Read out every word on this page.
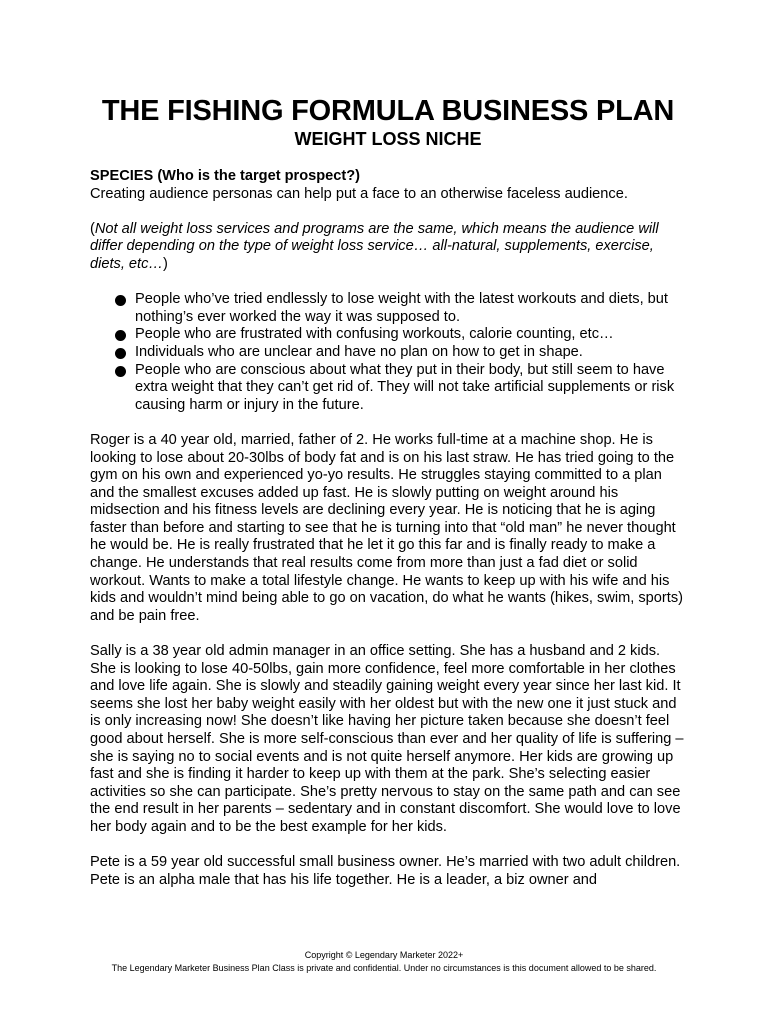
THE FISHING FORMULA BUSINESS PLAN
WEIGHT LOSS NICHE
SPECIES (Who is the target prospect?)

Creating audience personas can help put a face to an otherwise faceless audience.

(Not all weight loss services and programs are the same, which means the audience will differ depending on the type of weight loss service… all-natural, supplements, exercise, diets, etc…)

People who’ve tried endlessly to lose weight with the latest workouts and diets, but nothing’s ever worked the way it was supposed to.
People who are frustrated with confusing workouts, calorie counting, etc…
Individuals who are unclear and have no plan on how to get in shape.
People who are conscious about what they put in their body, but still seem to have extra weight that they can’t get rid of. They will not take artificial supplements or risk causing harm or injury in the future.

Roger is a 40 year old, married, father of 2. He works full-time at a machine shop. He is looking to lose about 20-30lbs of body fat and is on his last straw. He has tried going to the gym on his own and experienced yo-yo results. He struggles staying committed to a plan and the smallest excuses added up fast. He is slowly putting on weight around his midsection and his fitness levels are declining every year. He is noticing that he is aging faster than before and starting to see that he is turning into that “old man” he never thought he would be. He is really frustrated that he let it go this far and is finally ready to make a change. He understands that real results come from more than just a fad diet or solid workout. Wants to make a total lifestyle change. He wants to keep up with his wife and his kids and wouldn’t mind being able to go on vacation, do what he wants (hikes, swim, sports) and be pain free.

Sally is a 38 year old admin manager in an office setting. She has a husband and 2 kids. She is looking to lose 40-50lbs, gain more confidence, feel more comfortable in her clothes and love life again. She is slowly and steadily gaining weight every year since her last kid. It seems she lost her baby weight easily with her oldest but with the new one it just stuck and is only increasing now! She doesn’t like having her picture taken because she doesn’t feel good about herself. She is more self-conscious than ever and her quality of life is suffering – she is saying no to social events and is not quite herself anymore. Her kids are growing up fast and she is finding it harder to keep up with them at the park. She’s selecting easier activities so she can participate. She’s pretty nervous to stay on the same path and can see the end result in her parents – sedentary and in constant discomfort. She would love to love her body again and to be the best example for her kids.

Pete is a 59 year old successful small business owner. He’s married with two adult children. Pete is an alpha male that has his life together. He is a leader, a biz owner and

Copyright © Legendary Marketer 2022+
The Legendary Marketer Business Plan Class is private and confidential. Under no circumstances is this document allowed to be shared.
